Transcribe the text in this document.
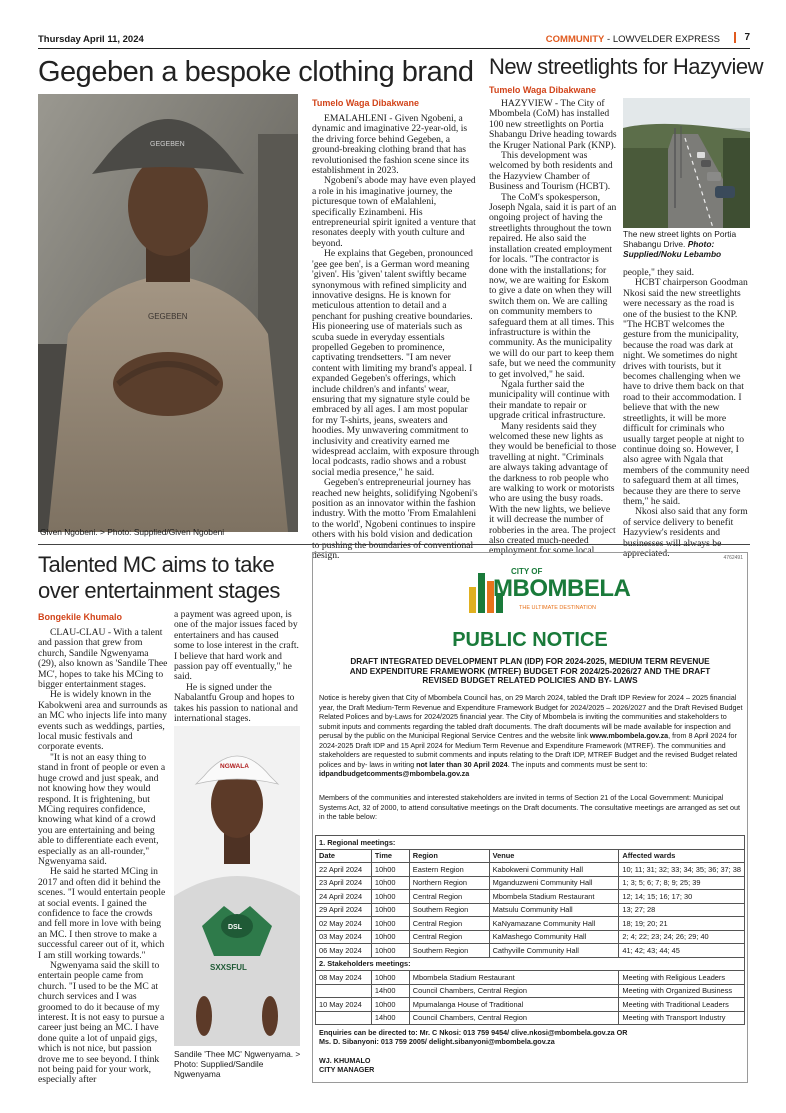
Thursday April 11, 2024	COMMUNITY - LOWVELDER EXPRESS	7
Gegeben a bespoke clothing brand
GEGEBEN
GEGEBEN
Given Ngobeni. > Photo: Supplied/Given Ngobeni
Tumelo Waga Dibakwane

EMALAHLENI - Given Ngobeni, a dynamic and imaginative 22-year-old, is the driving force behind Gegeben, a ground-breaking clothing brand that has revolutionised the fashion scene since its establishment in 2023.

Ngobeni's abode may have even played a role in his imaginative journey, the picturesque town of eMalahleni, specifically Ezinambeni. His entrepreneurial spirit ignited a venture that resonates deeply with youth culture and beyond.

He explains that Gegeben, pronounced 'gee gee ben', is a German word meaning 'given'. His 'given' talent swiftly became synonymous with refined simplicity and innovative designs. He is known for meticulous attention to detail and a penchant for pushing creative boundaries. His pioneering use of materials such as scuba suede in everyday essentials propelled Gegeben to prominence, captivating trendsetters. "I am never content with limiting my brand's appeal. I expanded Gegeben's offerings, which include children's and infants' wear, ensuring that my signature style could be embraced by all ages. I am most popular for my T-shirts, jeans, sweaters and hoodies. My unwavering commitment to inclusivity and creativity earned me widespread acclaim, with exposure through local podcasts, radio shows and a robust social media presence," he said.

Gegeben's entrepreneurial journey has reached new heights, solidifying Ngobeni's position as an innovator within the fashion industry. With the motto 'From Emalahleni to the world', Ngobeni continues to inspire others with his bold vision and dedication to pushing the boundaries of conventional design.

New streetlights for Hazyview
Tumelo Waga Dibakwane

HAZYVIEW - The City of Mbombela (CoM) has installed 100 new streetlights on Portia Shabangu Drive heading towards the Kruger National Park (KNP).

This development was welcomed by both residents and the Hazyview Chamber of Business and Tourism (HCBT).

The CoM's spokesperson, Joseph Ngala, said it is part of an ongoing project of having the streetlights throughout the town repaired. He also said the installation created employment for locals. "The contractor is done with the installations; for now, we are waiting for Eskom to give a date on when they will switch them on. We are calling on community members to safeguard them at all times. This infrastructure is within the community. As the municipality we will do our part to keep them safe, but we need the community to get involved," he said.

Ngala further said the municipality will continue with their mandate to repair or upgrade critical infrastructure.

Many residents said they welcomed these new lights as they would be beneficial to those travelling at night. "Criminals are always taking advantage of the darkness to rob people who are walking to work or motorists who are using the busy roads. With the new lights, we believe it will decrease the number of robberies in the area. The project also created much-needed employment for some local

The new street lights on Portia Shabangu Drive. Photo: Supplied/Noku Lebambo
people," they said.

HCBT chairperson Goodman Nkosi said the new streetlights were necessary as the road is one of the busiest to the KNP. "The HCBT welcomes the gesture from the municipality, because the road was dark at night. We sometimes do night drives with tourists, but it becomes challenging when we have to drive them back on that road to their accommodation. I believe that with the new streetlights, it will be more difficult for criminals who usually target people at night to continue doing so. However, I also agree with Ngala that members of the community need to safeguard them at all times, because they are there to serve them," he said.

Nkosi also said that any form of service delivery to benefit Hazyview's residents and businesses will always be appreciated.

Talented MC aims to take
over entertainment stages
Bongekile Khumalo

CLAU-CLAU - With a talent and passion that grew from church, Sandile Ngwenyama (29), also known as 'Sandile Thee MC', hopes to take his MCing to bigger entertainment stages.

He is widely known in the Kabokweni area and surrounds as an MC who injects life into many events such as weddings, parties, local music festivals and corporate events.

"It is not an easy thing to stand in front of people or even a huge crowd and just speak, and not knowing how they would respond. It is frightening, but MCing requires confidence, knowing what kind of a crowd you are entertaining and being able to differentiate each event, especially as an all-rounder," Ngwenyama said.

He said he started MCing in 2017 and often did it behind the scenes. "I would entertain people at social events. I gained the confidence to face the crowds and fell more in love with being an MC. I then strove to make a successful career out of it, which I am still working towards."

Ngwenyama said the skill to entertain people came from church. "I used to be the MC at church services and I was groomed to do it because of my interest. It is not easy to pursue a career just being an MC. I have done quite a lot of unpaid gigs, which is not nice, but passion drove me to see beyond. I think not being paid for your work, especially after

a payment was agreed upon, is one of the major issues faced by entertainers and has caused some to lose interest in the craft. I believe that hard work and passion pay off eventually," he said.

He is signed under the Nabalantfu Group and hopes to takes his passion to national and international stages.

NGWALA
DSL
SXXSFUL
Sandile 'Thee MC' Ngwenyama. > Photo: Supplied/Sandile Ngwenyama
4762491
CITY OF
MBOMBELA
THE ULTIMATE DESTINATION
PUBLIC NOTICE
DRAFT INTEGRATED DEVELOPMENT PLAN (IDP) FOR 2024-2025, MEDIUM TERM REVENUE AND EXPENDITURE FRAMEWORK (MTREF) BUDGET FOR 2024/25-2026/27 AND THE DRAFT REVISED BUDGET RELATED POLICIES AND BY- LAWS
Notice is hereby given that City of Mbombela Council has, on 29 March 2024, tabled the Draft IDP Review for 2024 – 2025 financial year, the Draft Medium-Term Revenue and Expenditure Framework Budget for 2024/2025 – 2026/2027 and the Draft Revised Budget Related Polices and by-Laws for 2024/2025 financial year. The City of Mbombela is inviting the communities and stakeholders to submit inputs and comments regarding the tabled draft documents. The draft documents will be made available for inspection and perusal by the public on the Municipal Regional Service Centres and the website link www.mbombela.gov.za, from 8 April 2024 for 2024-2025 Draft IDP and 15 April 2024 for Medium Term Revenue and Expenditure Framework (MTREF). The communities and stakeholders are requested to submit comments and inputs relating to the Draft IDP, MTREF Budget and the revised Budget related polices and by- laws in writing not later than 30 April 2024. The inputs and comments must be sent to: idpandbudgetcomments@mbombela.gov.za
Members of the communities and interested stakeholders are invited in terms of Section 21 of the Local Government: Municipal Systems Act, 32 of 2000, to attend consultative meetings on the Draft documents. The consultative meetings are arranged as set out in the table below:
1. Regional meetings:				
Date	Time	Region	Venue	Affected wards
22 April 2024	10h00	Eastern Region	Kabokweni Community Hall	10; 11; 31; 32; 33; 34; 35; 36; 37; 38
23 April 2024	10h00	Northern Region	Mganduzweni Community Hall	1; 3; 5; 6; 7; 8; 9; 25; 39
24 April 2024	10h00	Central Region	Mbombela Stadium Restaurant	12; 14; 15; 16; 17; 30
29 April 2024	10h00	Southern Region	Matsulu Community Hall	13; 27; 28
02 May 2024	10h00	Central Region	KaNyamazane Community Hall	18; 19; 20; 21
03 May 2024	10h00	Central Region	KaMashego Community Hall	2; 4; 22; 23; 24; 26; 29; 40
06 May 2024	10h00	Southern Region	Cathyville Community Hall	41; 42; 43; 44; 45
2. Stakeholders meetings:				
08 May 2024	10h00	Mbombela Stadium Restaurant		Meeting with Religious Leaders
	14h00	Council Chambers, Central Region		Meeting with Organized Business
10 May 2024	10h00	Mpumalanga House of Traditional		Meeting with Traditional Leaders
	14h00	Council Chambers, Central Region		Meeting with Transport Industry
Enquiries can be directed to: Mr. C Nkosi: 013 759 9454/ clive.nkosi@mbombela.gov.za OR
Ms. D. Sibanyoni: 013 759 2005/ delight.sibanyoni@mbombela.gov.za
WJ. KHUMALO
CITY MANAGER
